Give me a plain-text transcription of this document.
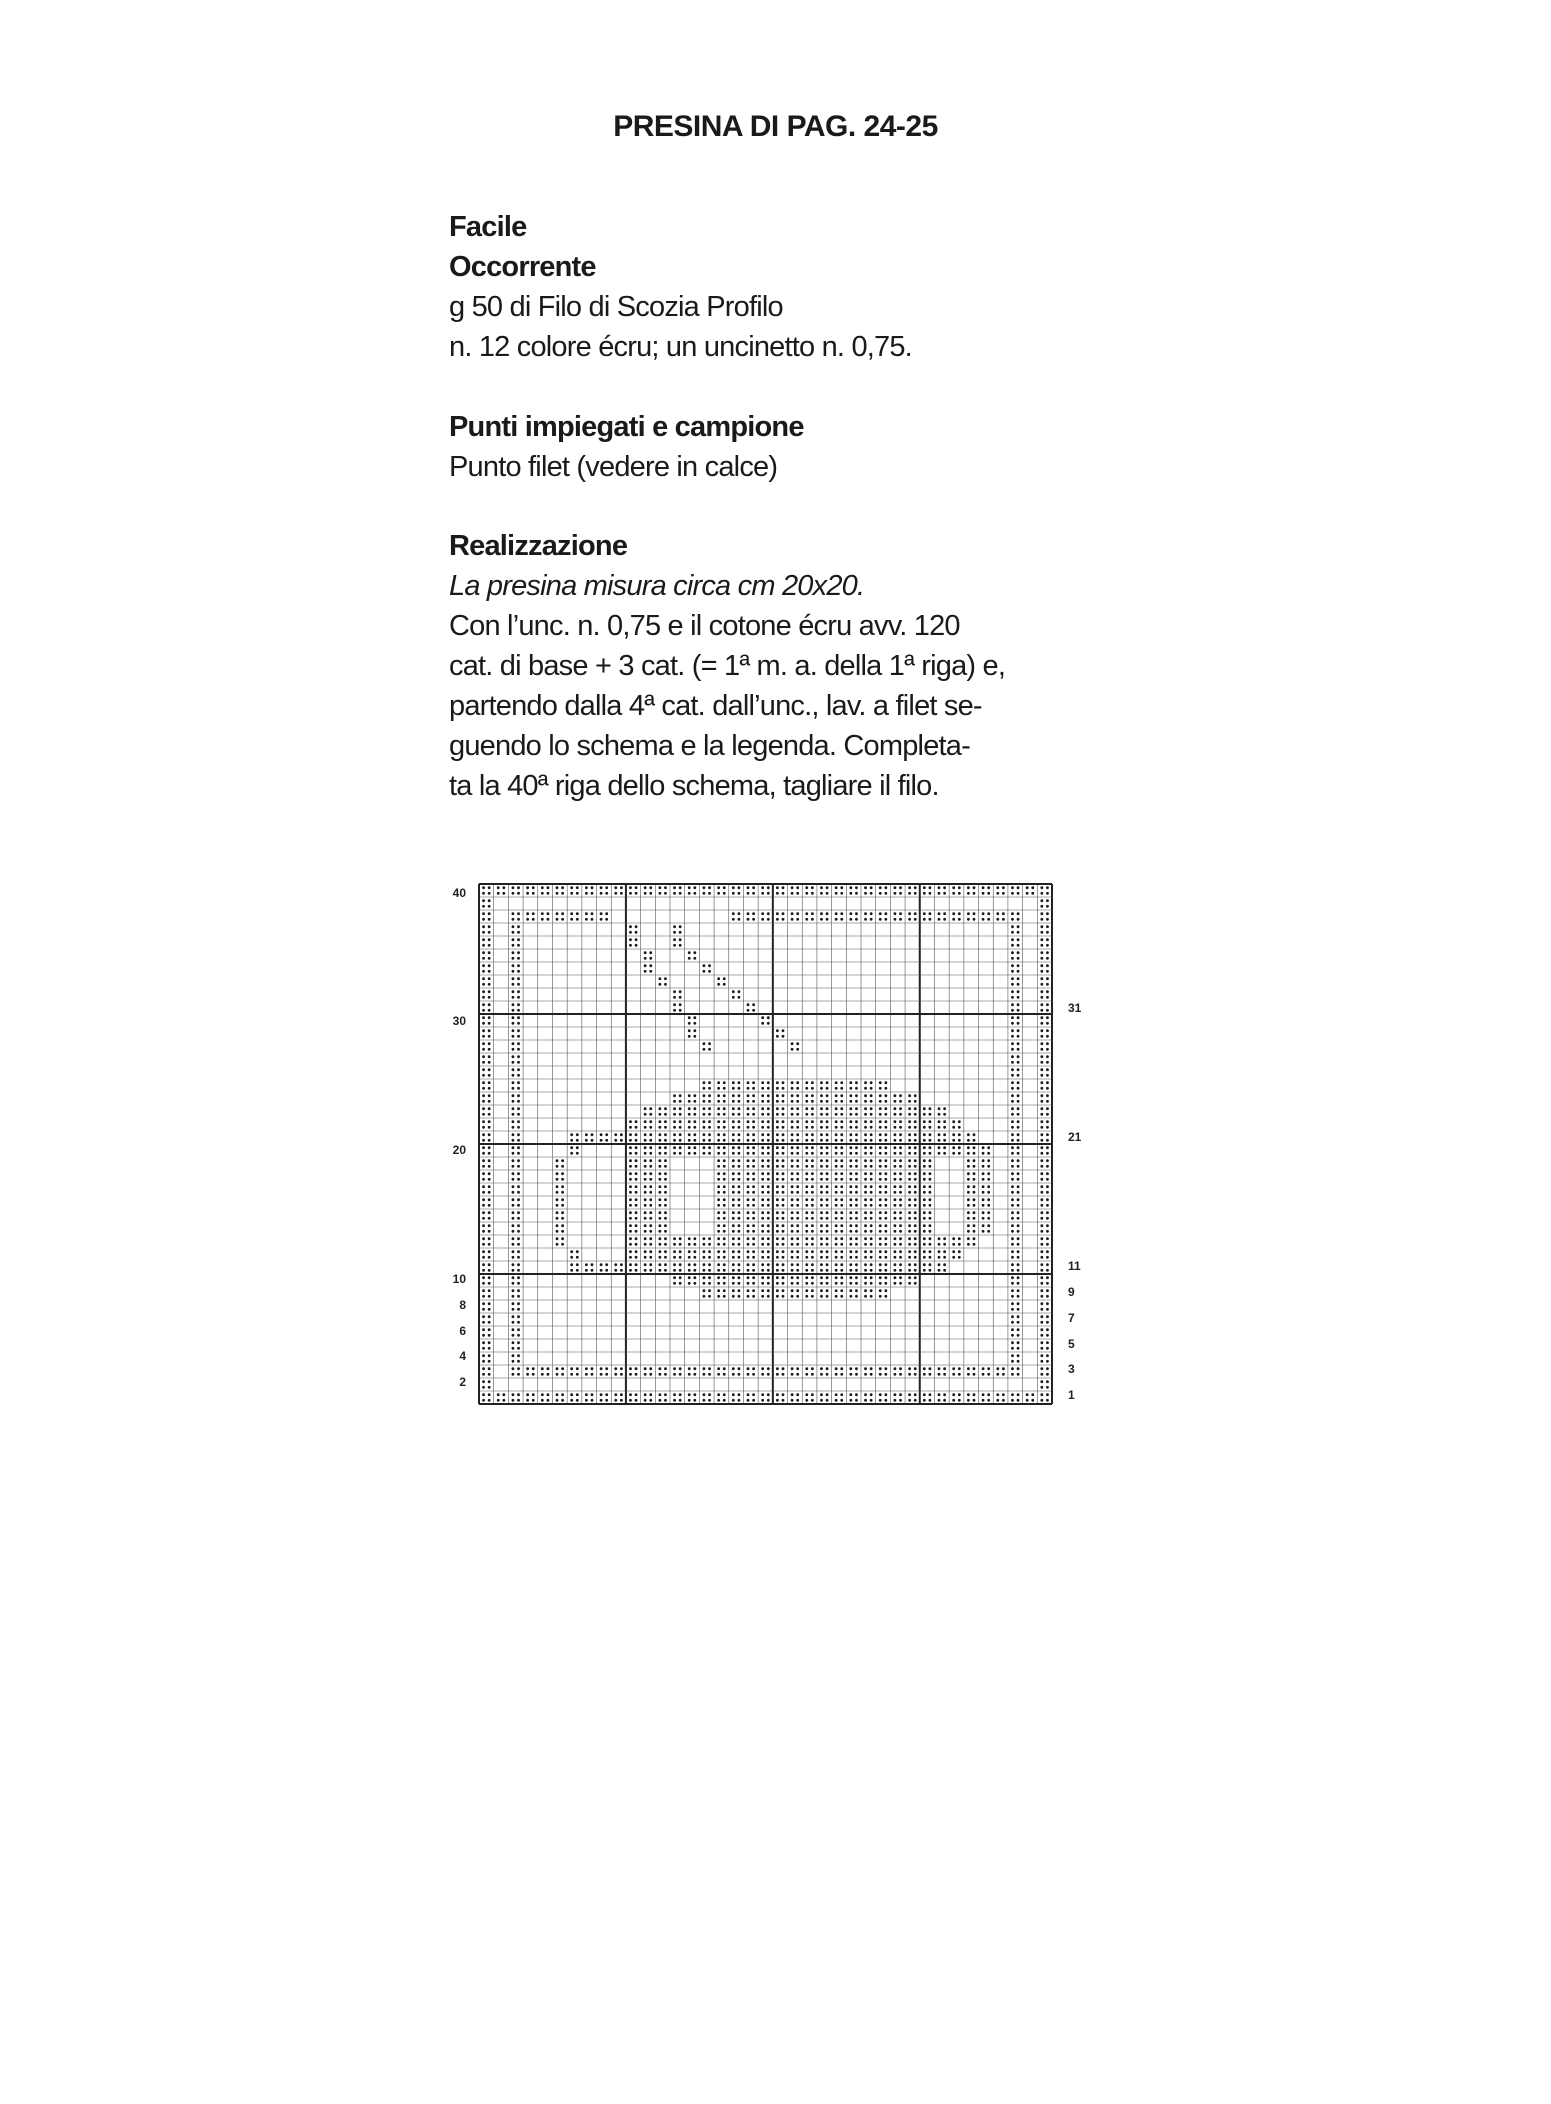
PRESINA DI PAG. 24-25
Facile
Occorrente
g 50 di Filo di Scozia Profilo
n. 12 colore écru; un uncinetto n. 0,75.
Punti impiegati e campione
Punto filet (vedere in calce)
Realizzazione
La presina misura circa cm 20x20.
Con l’unc. n. 0,75 e il cotone écru avv. 120
cat. di base + 3 cat. (= 1ª m. a. della 1ª riga) e,
partendo dalla 4ª cat. dall’unc., lav. a filet se-
guendo lo schema e la legenda. Completa-
ta la 40ª riga dello schema, tagliare il filo.
40
30
20
10
8
6
4
2
31
21
11
9
7
5
3
1
